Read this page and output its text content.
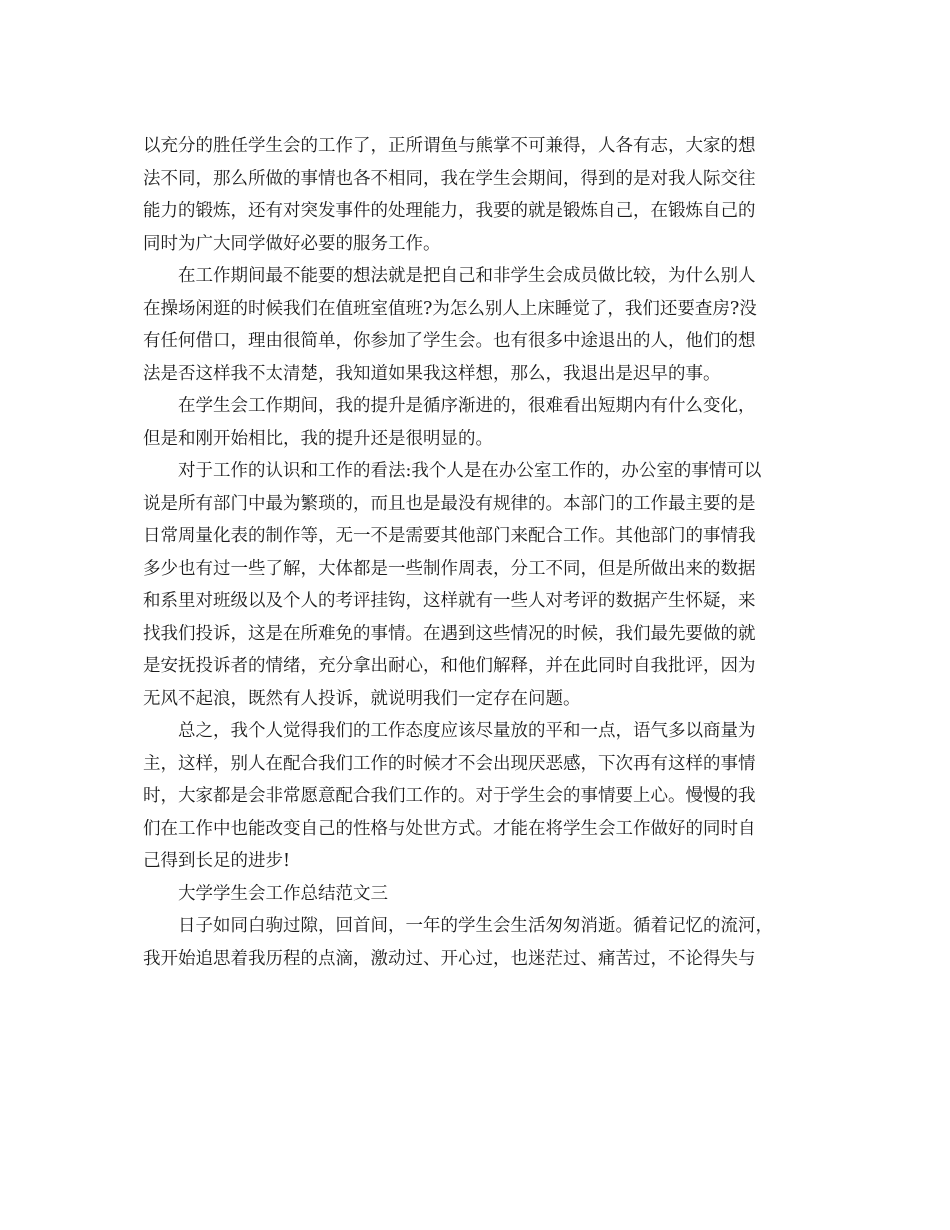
以充分的胜任学生会的工作了，正所谓鱼与熊掌不可兼得，人各有志，大家的想
法不同，那么所做的事情也各不相同，我在学生会期间，得到的是对我人际交往
能力的锻炼，还有对突发事件的处理能力，我要的就是锻炼自己，在锻炼自己的
同时为广大同学做好必要的服务工作。
在工作期间最不能要的想法就是把自己和非学生会成员做比较，为什么别人
在操场闲逛的时候我们在值班室值班?为怎么别人上床睡觉了，我们还要查房?没
有任何借口，理由很简单，你参加了学生会。也有很多中途退出的人，他们的想
法是否这样我不太清楚，我知道如果我这样想，那么，我退出是迟早的事。
在学生会工作期间，我的提升是循序渐进的，很难看出短期内有什么变化，
但是和刚开始相比，我的提升还是很明显的。
对于工作的认识和工作的看法:我个人是在办公室工作的，办公室的事情可以
说是所有部门中最为繁琐的，而且也是最没有规律的。本部门的工作最主要的是
日常周量化表的制作等，无一不是需要其他部门来配合工作。其他部门的事情我
多少也有过一些了解，大体都是一些制作周表，分工不同，但是所做出来的数据
和系里对班级以及个人的考评挂钩，这样就有一些人对考评的数据产生怀疑，来
找我们投诉，这是在所难免的事情。在遇到这些情况的时候，我们最先要做的就
是安抚投诉者的情绪，充分拿出耐心，和他们解释，并在此同时自我批评，因为
无风不起浪，既然有人投诉，就说明我们一定存在问题。
总之，我个人觉得我们的工作态度应该尽量放的平和一点，语气多以商量为
主，这样，别人在配合我们工作的时候才不会出现厌恶感，下次再有这样的事情
时，大家都是会非常愿意配合我们工作的。对于学生会的事情要上心。慢慢的我
们在工作中也能改变自己的性格与处世方式。才能在将学生会工作做好的同时自
己得到长足的进步!
大学学生会工作总结范文三
日子如同白驹过隙，回首间，一年的学生会生活匆匆消逝。循着记忆的流河，
我开始追思着我历程的点滴，激动过、开心过，也迷茫过、痛苦过，不论得失与
